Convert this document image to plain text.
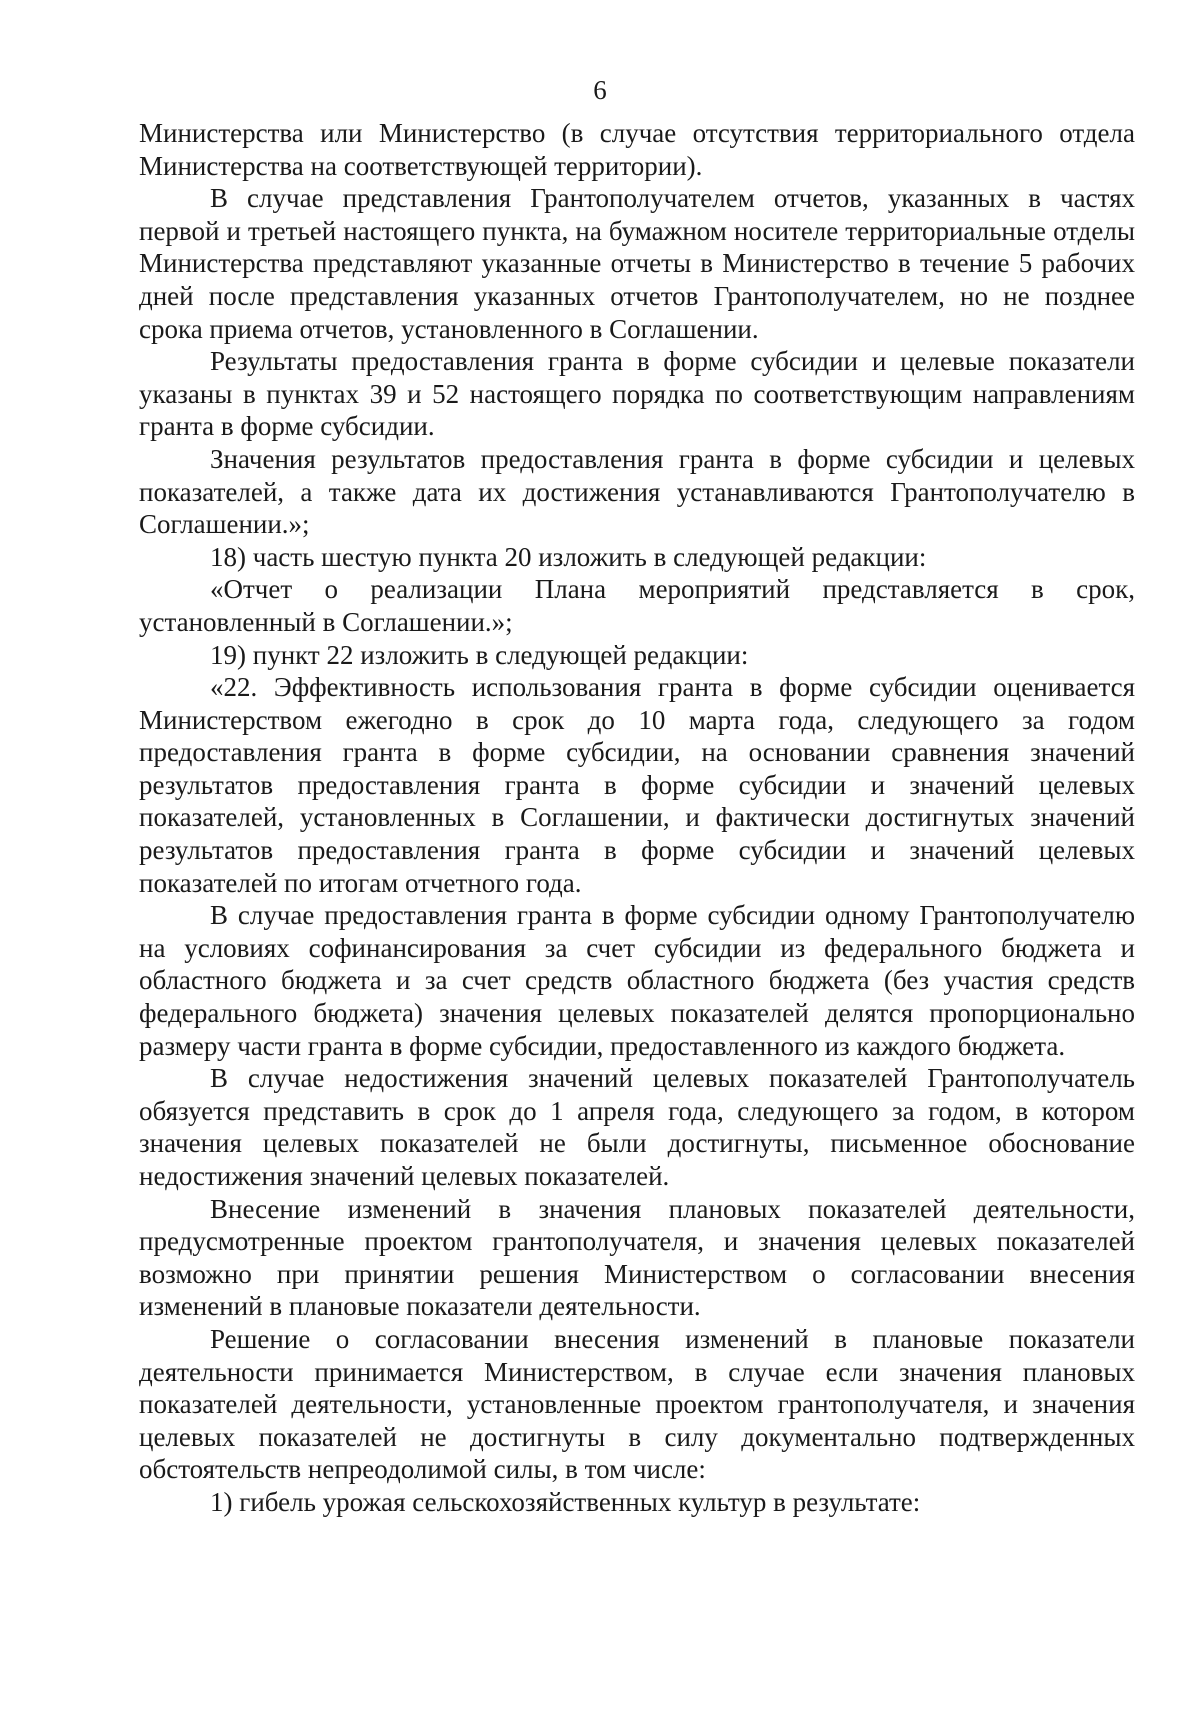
6

Министерства или Министерство (в случае отсутствия территориального отдела Министерства на соответствующей территории).

В случае представления Грантополучателем отчетов, указанных в частях первой и третьей настоящего пункта, на бумажном носителе территориальные отделы Министерства представляют указанные отчеты в Министерство в течение 5 рабочих дней после представления указанных отчетов Грантополучателем, но не позднее срока приема отчетов, установленного в Соглашении.

Результаты предоставления гранта в форме субсидии и целевые показатели указаны в пунктах 39 и 52 настоящего порядка по соответствующим направлениям гранта в форме субсидии.

Значения результатов предоставления гранта в форме субсидии и целевых показателей, а также дата их достижения устанавливаются Грантополучателю в Соглашении.»;

18) часть шестую пункта 20 изложить в следующей редакции:

«Отчет о реализации Плана мероприятий представляется в срок, установленный в Соглашении.»;

19) пункт 22 изложить в следующей редакции:

«22. Эффективность использования гранта в форме субсидии оценивается Министерством ежегодно в срок до 10 марта года, следующего за годом предоставления гранта в форме субсидии, на основании сравнения значений результатов предоставления гранта в форме субсидии и значений целевых показателей, установленных в Соглашении, и фактически достигнутых значений результатов предоставления гранта в форме субсидии и значений целевых показателей по итогам отчетного года.

В случае предоставления гранта в форме субсидии одному Грантополучателю на условиях софинансирования за счет субсидии из федерального бюджета и областного бюджета и за счет средств областного бюджета (без участия средств федерального бюджета) значения целевых показателей делятся пропорционально размеру части гранта в форме субсидии, предоставленного из каждого бюджета.

В случае недостижения значений целевых показателей Грантополучатель обязуется представить в срок до 1 апреля года, следующего за годом, в котором значения целевых показателей не были достигнуты, письменное обоснование недостижения значений целевых показателей.

Внесение изменений в значения плановых показателей деятельности, предусмотренные проектом грантополучателя, и значения целевых показателей возможно при принятии решения Министерством о согласовании внесения изменений в плановые показатели деятельности.

Решение о согласовании внесения изменений в плановые показатели деятельности принимается Министерством, в случае если значения плановых показателей деятельности, установленные проектом грантополучателя, и значения целевых показателей не достигнуты в силу документально подтвержденных обстоятельств непреодолимой силы, в том числе:

1) гибель урожая сельскохозяйственных культур в результате:
